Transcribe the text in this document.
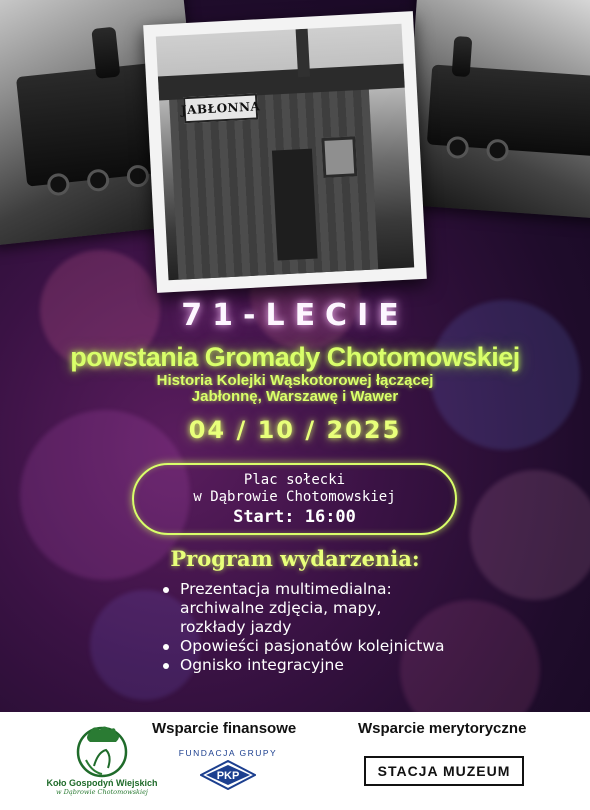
JABŁONNA
71-LECIE
powstania Gromady Chotomowskiej
Historia Kolejki Wąskotorowej łączącej
Jabłonnę, Warszawę i Wawer
04 / 10 / 2025
Plac sołecki
w Dąbrowie Chotomowskiej
Start: 16:00
Program wydarzenia:
Prezentacja multimedialna: archiwalne zdjęcia, mapy, rozkłady jazdy
Opowieści pasjonatów kolejnictwa
Ognisko integracyjne
Koło Gospodyń Wiejskich
w Dąbrowie Chotomowskiej
Wsparcie finansowe
FUNDACJA GRUPY
PKP
Wsparcie merytoryczne
STACJA MUZEUM
